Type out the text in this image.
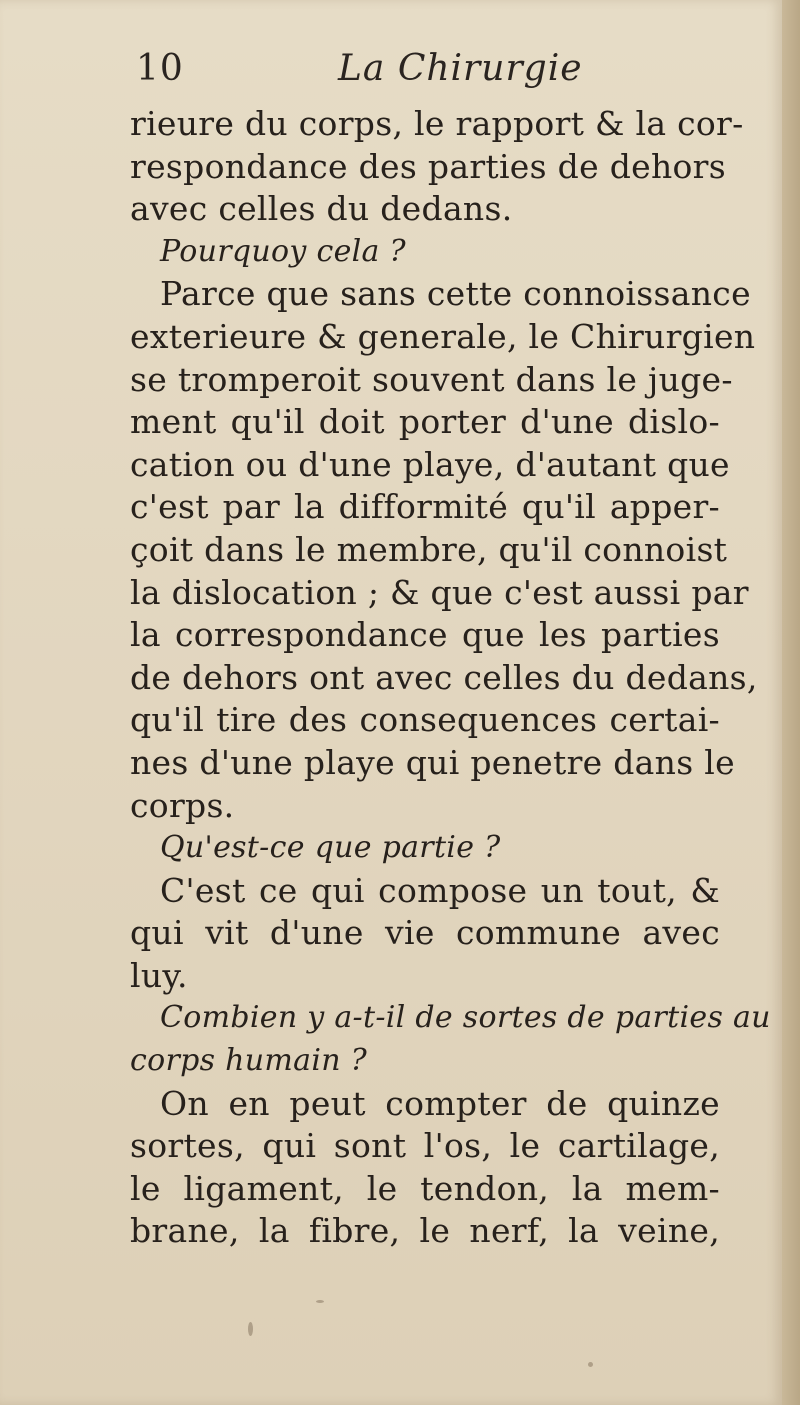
10	La Chirurgie
rieure du corps, le rapport & la cor-
respondance des parties de dehors
avec celles du dedans.
Pourquoy cela ?
Parce que sans cette connoissance
exterieure & generale, le Chirurgien
se tromperoit souvent dans le juge-
ment qu'il doit porter d'une dislo-
cation ou d'une playe, d'autant que
c'est par la difformité qu'il apper-
çoit dans le membre, qu'il connoist
la dislocation ; & que c'est aussi par
la correspondance que les parties
de dehors ont avec celles du dedans,
qu'il tire des consequences certai-
nes d'une playe qui penetre dans le
corps.
Qu'est-ce que partie ?
C'est ce qui compose un tout, &
qui vit d'une vie commune avec
luy.
Combien y a-t-il de sortes de parties au
corps humain ?
On en peut compter de quinze
sortes, qui sont l'os, le cartilage,
le ligament, le tendon, la mem-
brane, la fibre, le nerf, la veine,
